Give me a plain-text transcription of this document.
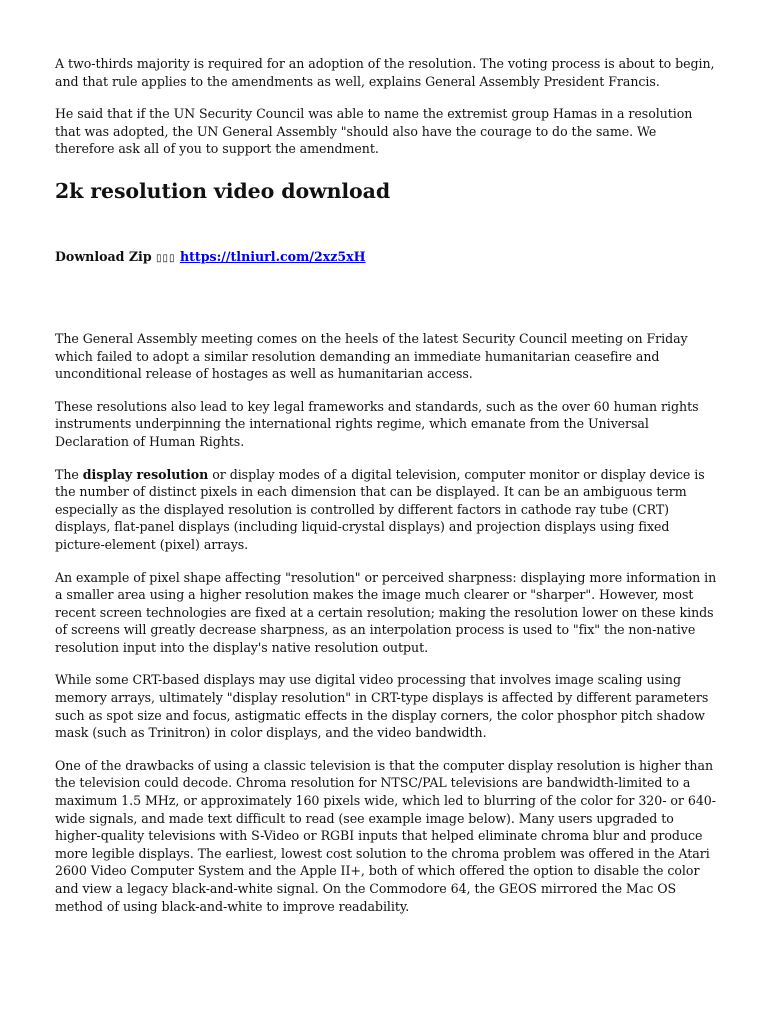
A two-thirds majority is required for an adoption of the resolution. The voting process is about to begin, and that rule applies to the amendments as well, explains General Assembly President Francis.

He said that if the UN Security Council was able to name the extremist group Hamas in a resolution that was adopted, the UN General Assembly "should also have the courage to do the same. We therefore ask all of you to support the amendment.

2k resolution video download
Download Zip ▯▯▯ https://tlniurl.com/2xz5xH

The General Assembly meeting comes on the heels of the latest Security Council meeting on Friday which failed to adopt a similar resolution demanding an immediate humanitarian ceasefire and unconditional release of hostages as well as humanitarian access.

These resolutions also lead to key legal frameworks and standards, such as the over 60 human rights instruments underpinning the international rights regime, which emanate from the Universal Declaration of Human Rights.

The display resolution or display modes of a digital television, computer monitor or display device is the number of distinct pixels in each dimension that can be displayed. It can be an ambiguous term especially as the displayed resolution is controlled by different factors in cathode ray tube (CRT) displays, flat-panel displays (including liquid-crystal displays) and projection displays using fixed picture-element (pixel) arrays.

An example of pixel shape affecting "resolution" or perceived sharpness: displaying more information in a smaller area using a higher resolution makes the image much clearer or "sharper". However, most recent screen technologies are fixed at a certain resolution; making the resolution lower on these kinds of screens will greatly decrease sharpness, as an interpolation process is used to "fix" the non-native resolution input into the display's native resolution output.

While some CRT-based displays may use digital video processing that involves image scaling using memory arrays, ultimately "display resolution" in CRT-type displays is affected by different parameters such as spot size and focus, astigmatic effects in the display corners, the color phosphor pitch shadow mask (such as Trinitron) in color displays, and the video bandwidth.

One of the drawbacks of using a classic television is that the computer display resolution is higher than the television could decode. Chroma resolution for NTSC/PAL televisions are bandwidth-limited to a maximum 1.5 MHz, or approximately 160 pixels wide, which led to blurring of the color for 320- or 640-wide signals, and made text difficult to read (see example image below). Many users upgraded to higher-quality televisions with S-Video or RGBI inputs that helped eliminate chroma blur and produce more legible displays. The earliest, lowest cost solution to the chroma problem was offered in the Atari 2600 Video Computer System and the Apple II+, both of which offered the option to disable the color and view a legacy black-and-white signal. On the Commodore 64, the GEOS mirrored the Mac OS method of using black-and-white to improve readability.
